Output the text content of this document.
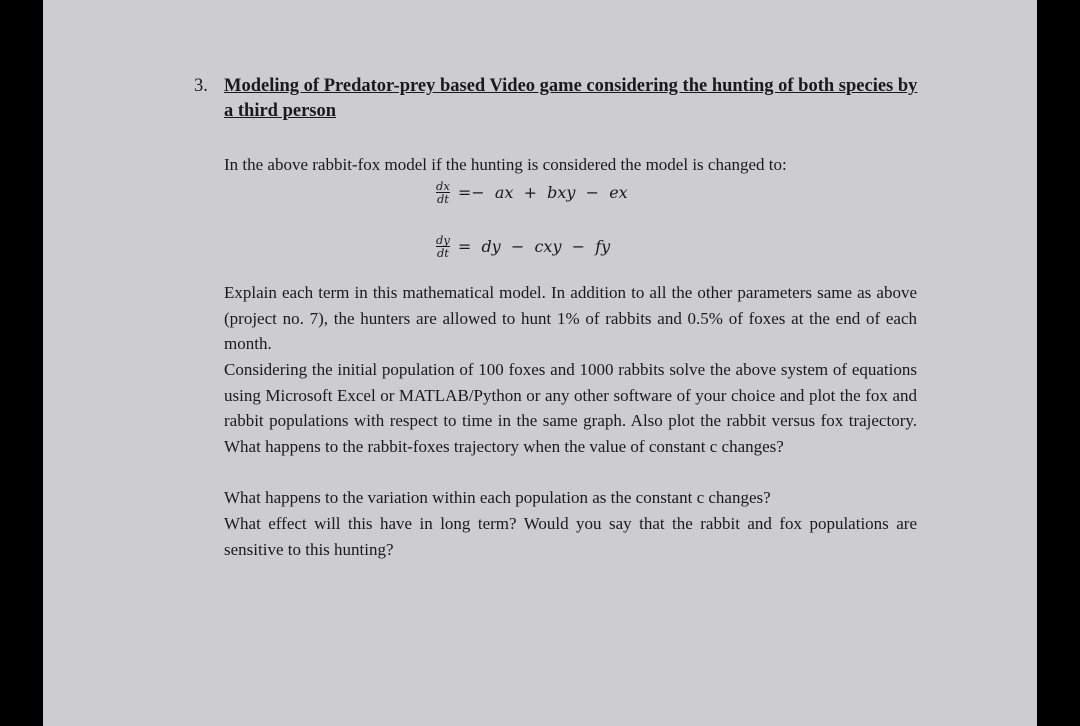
3. Modeling of Predator-prey based Video game considering the hunting of both species by a third person
In the above rabbit-fox model if the hunting is considered the model is changed to:
$\frac{dx}{dt}$ =−  ax  +  bxy  −  ex
$\frac{dy}{dt}$ =  dy  −  cxy  −  fy
Explain each term in this mathematical model. In addition to all the other parameters same as above (project no. 7), the hunters are allowed to hunt 1% of rabbits and 0.5% of foxes at the end of each month.
Considering the initial population of 100 foxes and 1000 rabbits solve the above system of equations using Microsoft Excel or MATLAB/Python or any other software of your choice and plot the fox and rabbit populations with respect to time in the same graph. Also plot the rabbit versus fox trajectory. What happens to the rabbit-foxes trajectory when the value of constant c changes?
What happens to the variation within each population as the constant c changes?
What effect will this have in long term? Would you say that the rabbit and fox populations are sensitive to this hunting?
